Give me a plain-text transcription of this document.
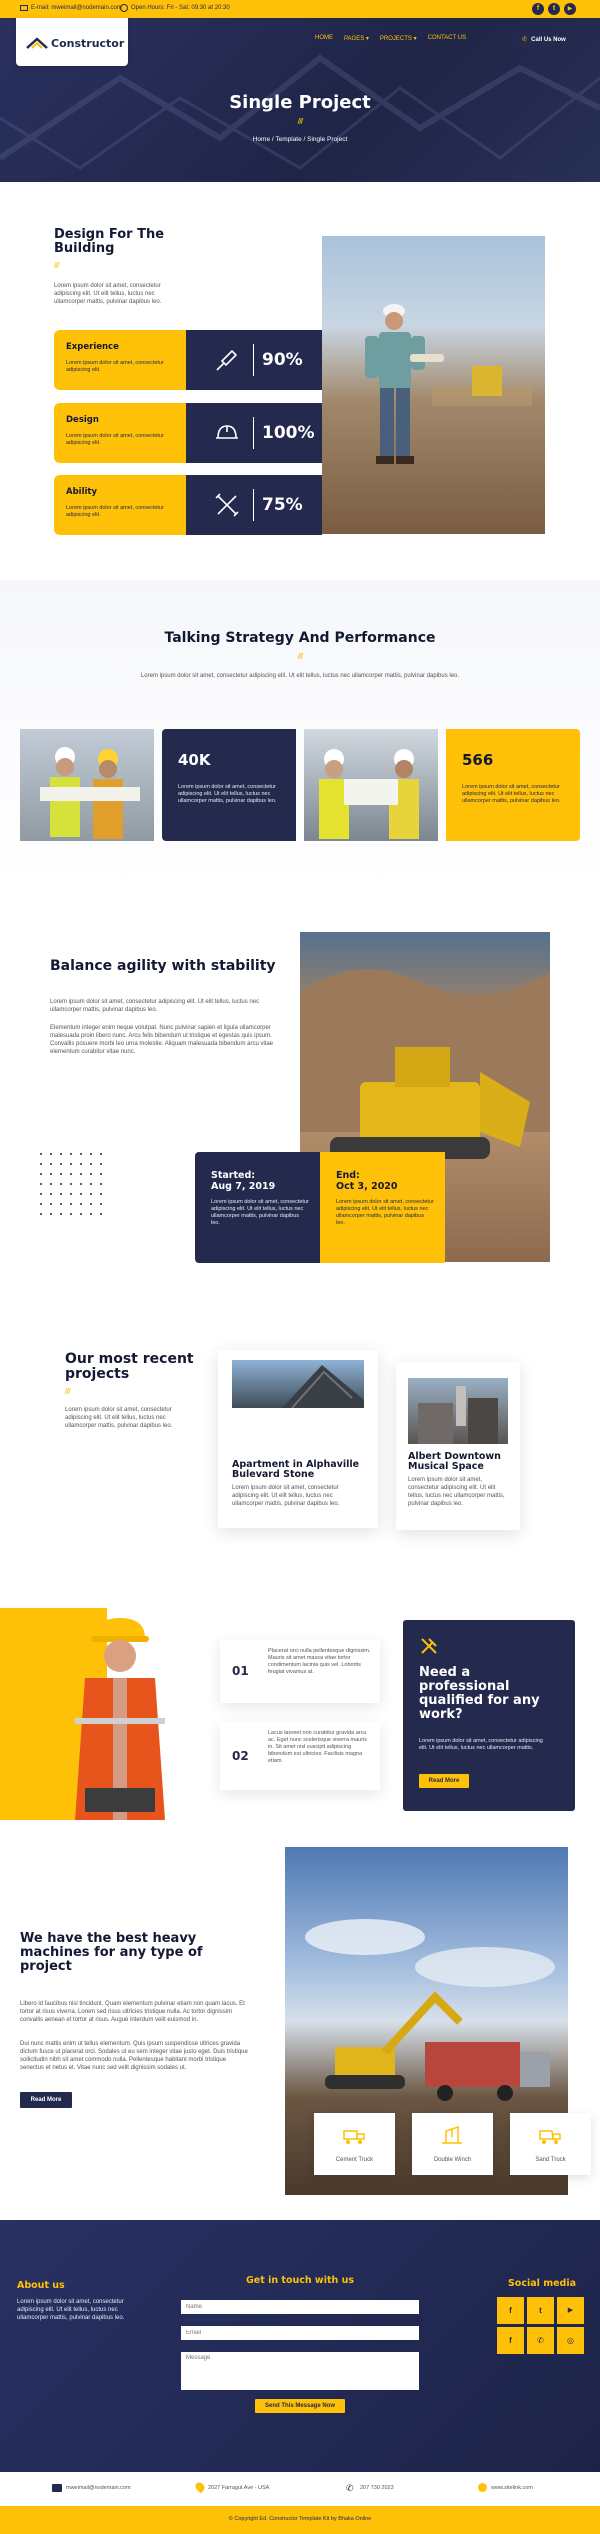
E-mail: mweimail@nodemain.com Open Hours: Fri - Sat: 09:30 at 20:30	f	t	▶
Constructor	HOME PAGES ▾ PROJECTS ▾ CONTACT US	✆ Call Us Now
Single Project
///
Home / Template / Single Project
Design For The Building
///
Lorem ipsum dolor sit amet, consectetur adipiscing elit. Ut elit tellus, luctus nec ullamcorper mattis, pulvinar dapibus leo.
Experience
Lorem ipsum dolor sit amet, consectetur adipiscing elit.	90%
Design
Lorem ipsum dolor sit amet, consectetur adipiscing elit.	100%
Ability
Lorem ipsum dolor sit amet, consectetur adipiscing elit.	75%
Talking Strategy And Performance
///
Lorem ipsum dolor sit amet, consectetur adipiscing elit. Ut elit tellus, luctus nec ullamcorper mattis, pulvinar dapibus leo.
40K
Lorem ipsum dolor sit amet, consectetur adipiscing elit. Ut elit tellus, luctus nec ullamcorper mattis, pulvinar dapibus leo.
566
Lorem ipsum dolor sit amet, consectetur adipiscing elit. Ut elit tellus, luctus nec ullamcorper mattis, pulvinar dapibus leo.
Balance agility with stability
Lorem ipsum dolor sit amet, consectetur adipiscing elit. Ut elit tellus, luctus nec ullamcorper mattis, pulvinar dapibus leo.
Elementum integer enim neque volutpat. Nunc pulvinar sapien et ligula ullamcorper malesuada proin libero nunc. Arcu felis bibendum ut tristique et egestas quis ipsum. Convallis posuere morbi leo urna molestie. Aliquam malesuada bibendum arcu vitae elementum curabitur vitae nunc.
Started:
Aug 7, 2019
Lorem ipsum dolor sit amet, consectetur adipiscing elit. Ut elit tellus, luctus nec ullamcorper mattis, pulvinar dapibus leo.
End:
Oct 3, 2020
Lorem ipsum dolor sit amet, consectetur adipiscing elit. Ut elit tellus, luctus nec ullamcorper mattis, pulvinar dapibus leo.
Our most recent projects
///
Lorem ipsum dolor sit amet, consectetur adipiscing elit. Ut elit tellus, luctus nec ullamcorper mattis, pulvinar dapibus leo.
Apartment in Alphaville Bulevard Stone
Lorem ipsum dolor sit amet, consectetur adipiscing elit. Ut elit tellus, luctus nec ullamcorper mattis, pulvinar dapibus leo.
Albert Downtown Musical Space
Lorem ipsum dolor sit amet, consectetur adipiscing elit. Ut elit tellus, luctus nec ullamcorper mattis, pulvinar dapibus leo.
01
Placerat orci nulla pellentesque dignissim. Mauris sit amet massa vitae tortor condimentum lacinia quis vel. Lobortis feugiat vivamus at.
02
Lacus laoreet non curabitur gravida arcu ac. Eget nunc scelerisque viverra mauris in. Sit amet nisl suscipit adipiscing bibendum est ultricies. Facilisis magna etiam.
Need a professional qualified for any work?
Lorem ipsum dolor sit amet, consectetur adipiscing elit. Ut elit tellus, luctus nec ullamcorper mattis.
Read More
We have the best heavy machines for any type of project
Libero id faucibus nisl tincidunt. Quam elementum pulvinar etiam non quam lacus. Et tortor at risus viverra. Lorem sed risus ultricies tristique nulla. Ac tortor dignissim convallis aenean et tortor at risus. Augue interdum velit euismod in.
Dui nunc mattis enim ut tellus elementum. Quis ipsum suspendisse ultrices gravida dictum fusce ut placerat orci. Sodales ut eu sem integer vitae justo eget. Duis tristique sollicitudin nibh sit amet commodo nulla. Pellentesque habitant morbi tristique senectus et netus et. Vitae nunc sed velit dignissim sodales ut.
Read More
Cement Truck	Double Winch	Sand Truck
About us
Lorem ipsum dolor sit amet, consectetur adipiscing elit. Ut elit tellus, luctus nec ullamcorper mattis, pulvinar dapibus leo.
Get in touch with us
Name
Email
Message
Send This Message Now
Social media
f	t	▶
f	✆	◎
mweimail@nodemain.com	2027 Farragut Ave - USA	✆ 207 730 2023	www.sitelink.com
© Copyright Ed. Constructor Template Kit by Bhaka Online
